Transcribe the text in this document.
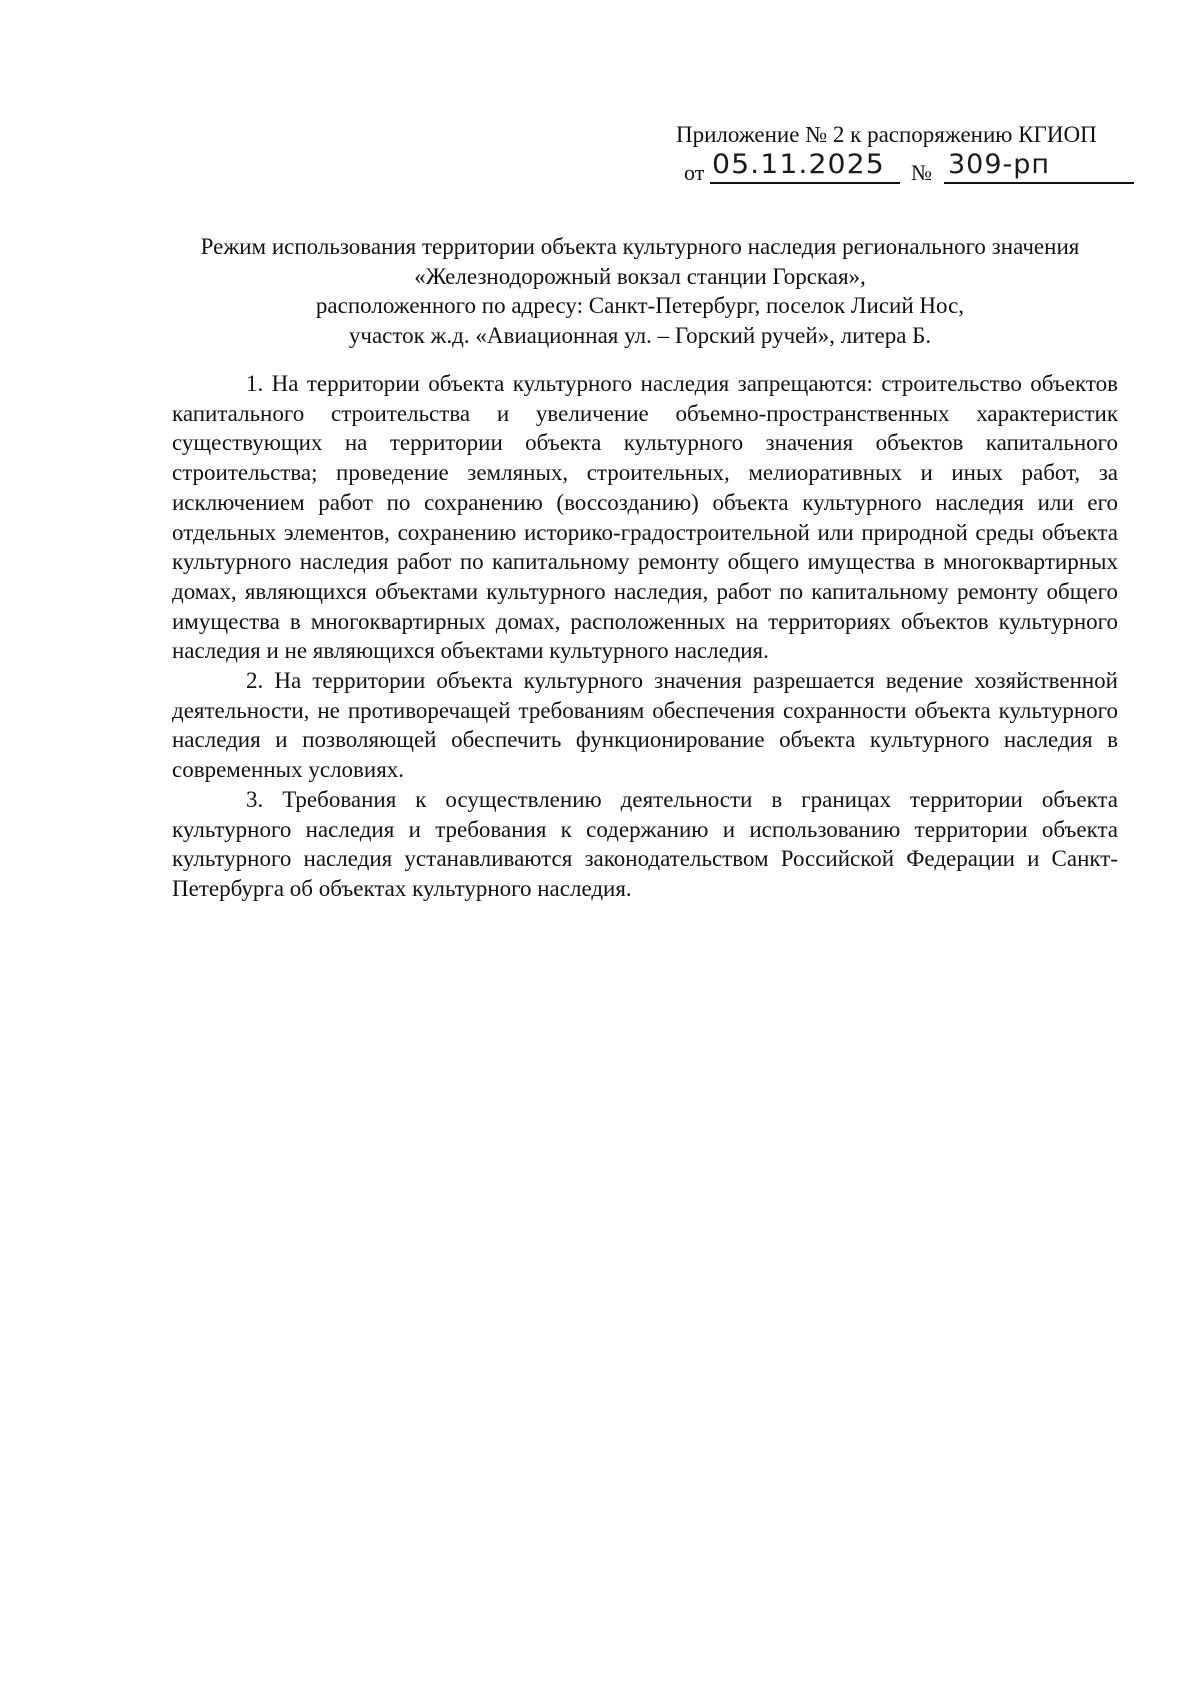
Приложение № 2 к распоряжению КГИОП
от 05.11.2025 № 309-рп
Режим использования территории объекта культурного наследия регионального значения
«Железнодорожный вокзал станции Горская»,
расположенного по адресу: Санкт-Петербург, поселок Лисий Нос,
участок ж.д. «Авиационная ул. – Горский ручей», литера Б.

1. На территории объекта культурного наследия запрещаются: строительство объектов капитального строительства и увеличение объемно-пространственных характеристик существующих на территории объекта культурного значения объектов капитального строительства; проведение земляных, строительных, мелиоративных и иных работ, за исключением работ по сохранению (воссозданию) объекта культурного наследия или его отдельных элементов, сохранению историко-градостроительной или природной среды объекта культурного наследия работ по капитальному ремонту общего имущества в многоквартирных домах, являющихся объектами культурного наследия, работ по капитальному ремонту общего имущества в многоквартирных домах, расположенных на территориях объектов культурного наследия и не являющихся объектами культурного наследия.

2. На территории объекта культурного значения разрешается ведение хозяйственной деятельности, не противоречащей требованиям обеспечения сохранности объекта культурного наследия и позволяющей обеспечить функционирование объекта культурного наследия в современных условиях.

3. Требования к осуществлению деятельности в границах территории объекта культурного наследия и требования к содержанию и использованию территории объекта культурного наследия устанавливаются законодательством Российской Федерации и Санкт-Петербурга об объектах культурного наследия.
